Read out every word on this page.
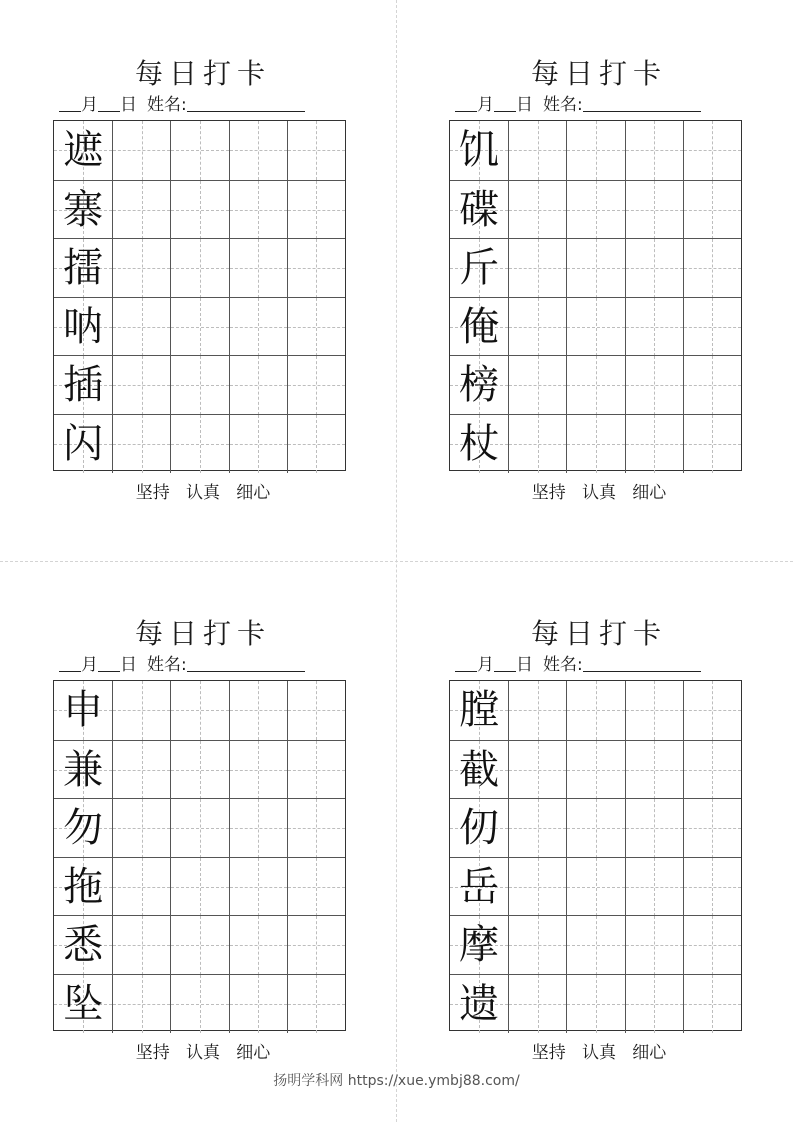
每日打卡
月 日 姓名:
遮
寨
擂
呐
插
闪
坚持   认真   细心
每日打卡
月 日 姓名:
饥
碟
斤
俺
榜
杖
坚持   认真   细心
每日打卡
月 日 姓名:
申
兼
勿
拖
悉
坠
坚持   认真   细心
每日打卡
月 日 姓名:
膛
截
仞
岳
摩
遗
坚持   认真   细心
扬明学科网 https://xue.ymbj88.com/
